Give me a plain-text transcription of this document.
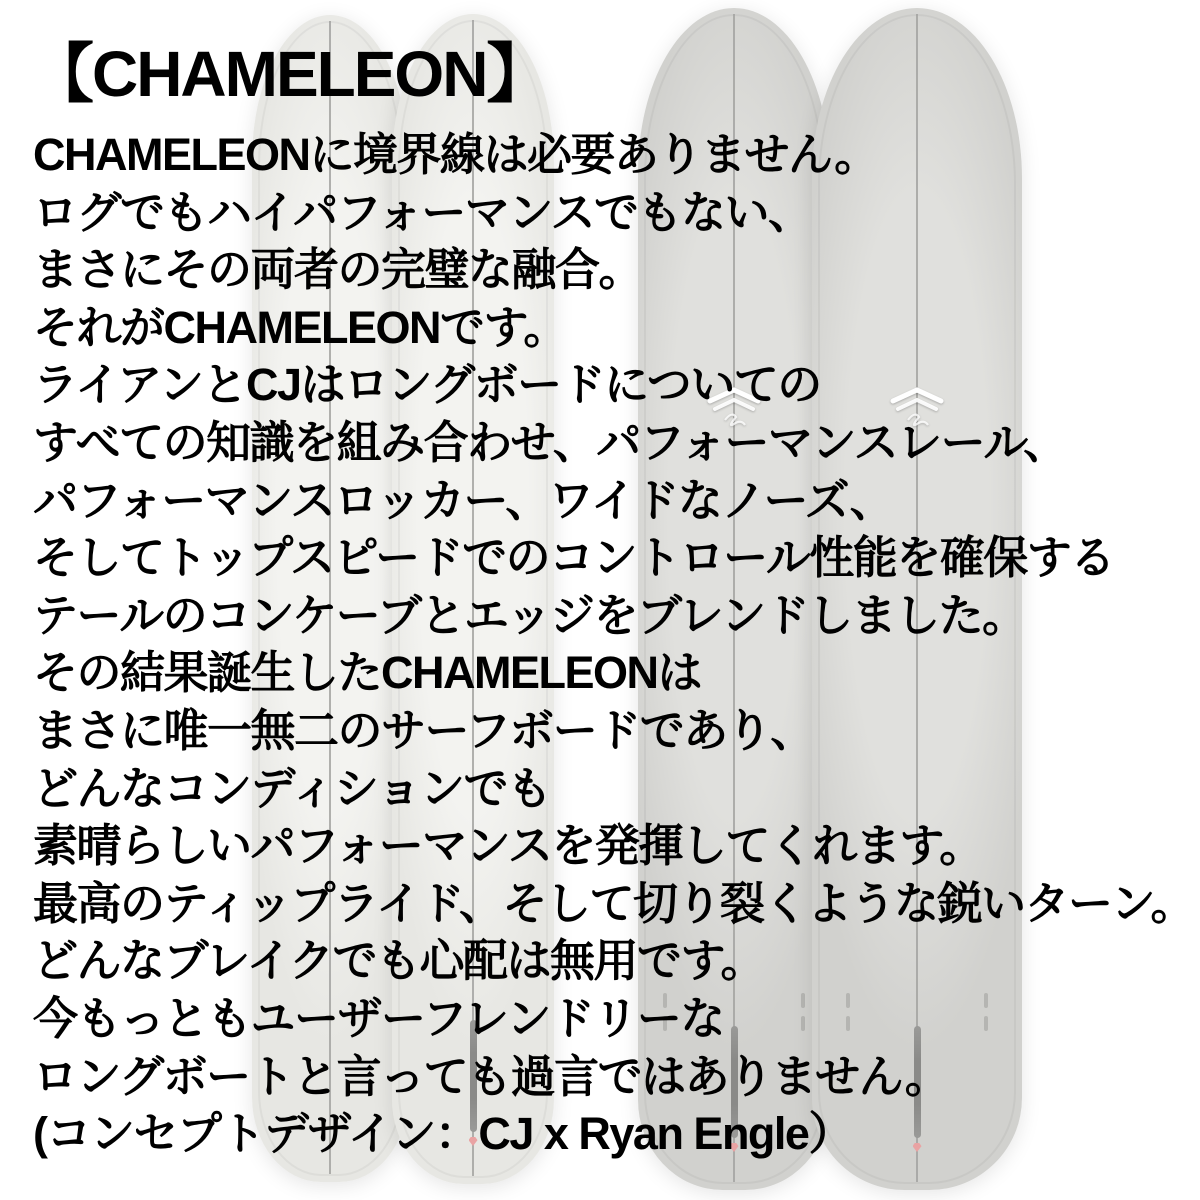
【CHAMELEON】
CHAMELEONに境界線は必要ありません。
ログでもハイパフォーマンスでもない、
まさにその両者の完璧な融合。
それがCHAMELEONです。
ライアンとCJはロングボードについての
すべての知識を組み合わせ、パフォーマンスレール、
パフォーマンスロッカー、ワイドなノーズ、
そしてトップスピードでのコントロール性能を確保する
テールのコンケーブとエッジをブレンドしました。
その結果誕生したCHAMELEONは
まさに唯一無二のサーフボードであり、
どんなコンディションでも
素晴らしいパフォーマンスを発揮してくれます。
最高のティップライド、そして切り裂くような鋭いターン。
どんなブレイクでも心配は無用です。
今もっともユーザーフレンドリーな
ロングボートと言っても過言ではありません。
(コンセプトデザイン：CJ x Ryan Engle）
